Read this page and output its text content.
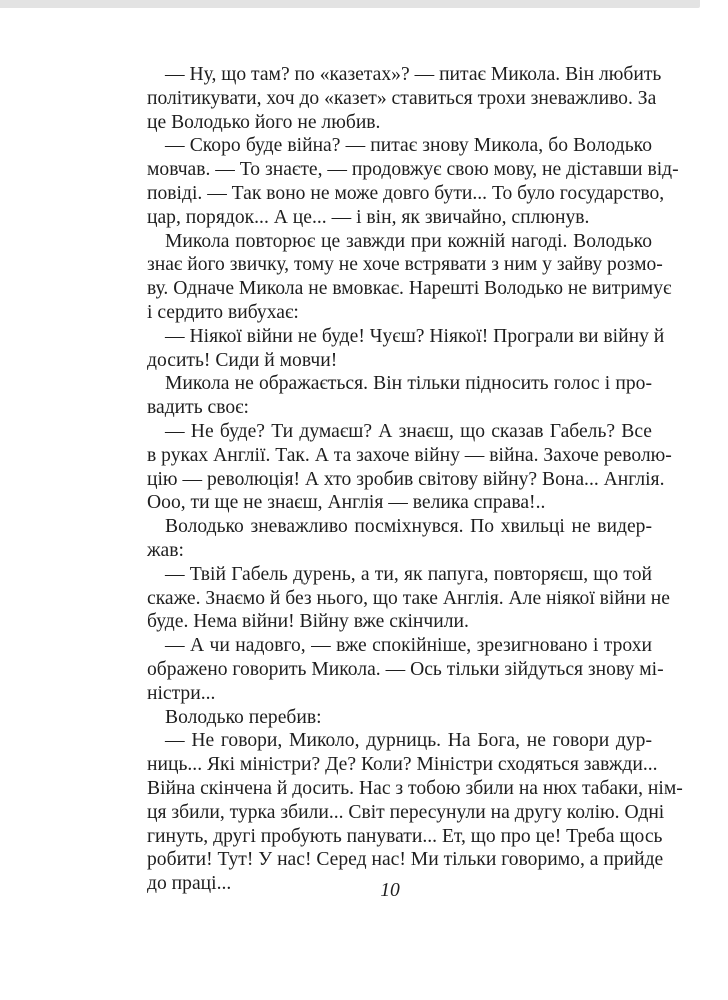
— Ну, що там? по «казетах»? — питає Микола. Він любить
політикувати, хоч до «казет» ставиться трохи зневажливо. За
це Володько його не любив.
— Скоро буде війна? — питає знову Микола, бо Володько
мовчав. — То знаєте, — продовжує свою мову, не діставши від-
повіді. — Так воно не може довго бути... То було государство,
цар, порядок... А це... — і він, як звичайно, сплюнув.
Микола повторює це завжди при кожній нагоді. Володько
знає його звичку, тому не хоче встрявати з ним у зайву розмо-
ву. Одначе Микола не вмовкає. Нарешті Володько не витримує
і сердито вибухає:
— Ніякої війни не буде! Чуєш? Ніякої! Програли ви війну й
досить! Сиди й мовчи!
Микола не ображається. Він тільки підносить голос і про-
вадить своє:
— Не буде? Ти думаєш? А знаєш, що сказав Габель? Все
в руках Англії. Так. А та захоче війну — війна. Захоче револю-
цію — революція! А хто зробив світову війну? Вона... Англія.
Ооо, ти ще не знаєш, Англія — велика справа!..
Володько зневажливо посміхнувся. По хвильці не видер-
жав:
— Твій Габель дурень, а ти, як папуга, повторяєш, що той
скаже. Знаємо й без нього, що таке Англія. Але ніякої війни не
буде. Нема війни! Війну вже скінчили.
— А чи надовго, — вже спокійніше, зрезигновано і трохи
ображено говорить Микола. — Ось тільки зійдуться знову мі-
ністри...
Володько перебив:
— Не говори, Миколо, дурниць. На Бога, не говори дур-
ниць... Які міністри? Де? Коли? Міністри сходяться завжди...
Війна скінчена й досить. Нас з тобою збили на нюх табаки, нім-
ця збили, турка збили... Світ пересунули на другу колію. Одні
гинуть, другі пробують панувати... Ет, що про це! Треба щось
робити! Тут! У нас! Серед нас! Ми тільки говоримо, а прийде
до праці...	10
